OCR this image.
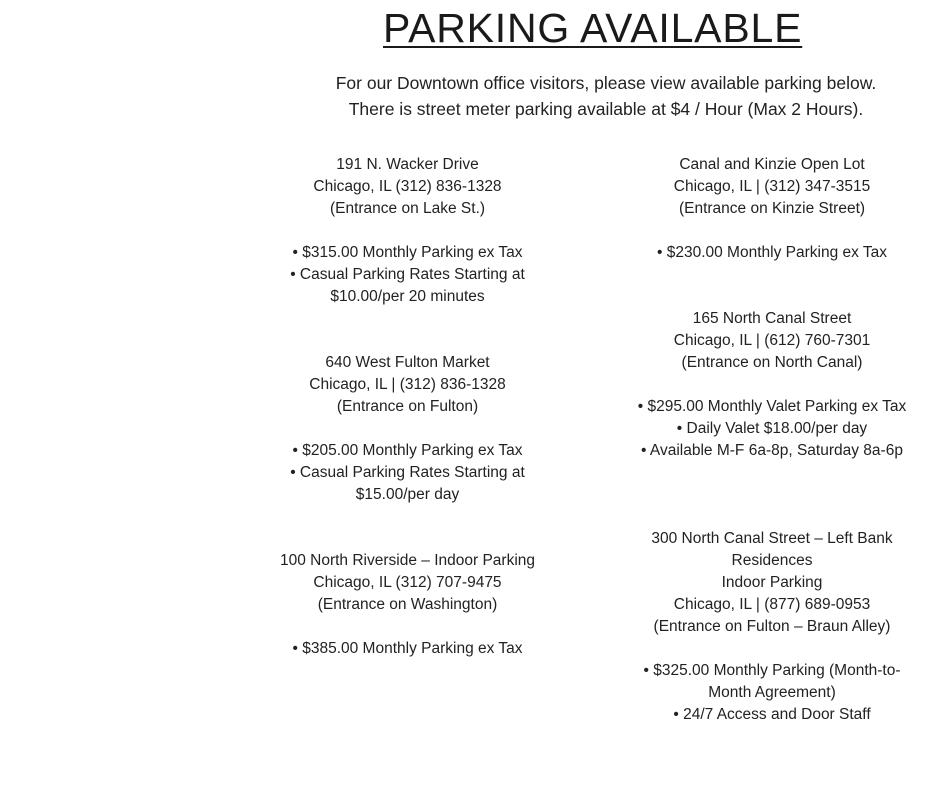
PARKING AVAILABLE
For our Downtown office visitors, please view available parking below.
There is street meter parking available at $4 / Hour (Max 2 Hours).
191 N. Wacker Drive
Chicago, IL (312) 836-1328
(Entrance on Lake St.)
• $315.00 Monthly Parking ex Tax
• Casual Parking Rates Starting at
$10.00/per 20 minutes
Canal and Kinzie Open Lot
Chicago, IL | (312) 347-3515
(Entrance on Kinzie Street)
• $230.00 Monthly Parking ex Tax
165 North Canal Street
Chicago, IL | (612) 760-7301
(Entrance on North Canal)
• $295.00 Monthly Valet Parking ex Tax
• Daily Valet $18.00/per day
• Available M-F 6a-8p, Saturday 8a-6p
640 West Fulton Market
Chicago, IL | (312) 836-1328
(Entrance on Fulton)
• $205.00 Monthly Parking ex Tax
• Casual Parking Rates Starting at
$15.00/per day
300 North Canal Street – Left Bank
Residences
Indoor Parking
Chicago, IL | (877) 689-0953
(Entrance on Fulton – Braun Alley)
• $325.00 Monthly Parking (Month-to-
Month Agreement)
• 24/7 Access and Door Staff
100 North Riverside – Indoor Parking
Chicago, IL (312) 707-9475
(Entrance on Washington)
• $385.00 Monthly Parking ex Tax
